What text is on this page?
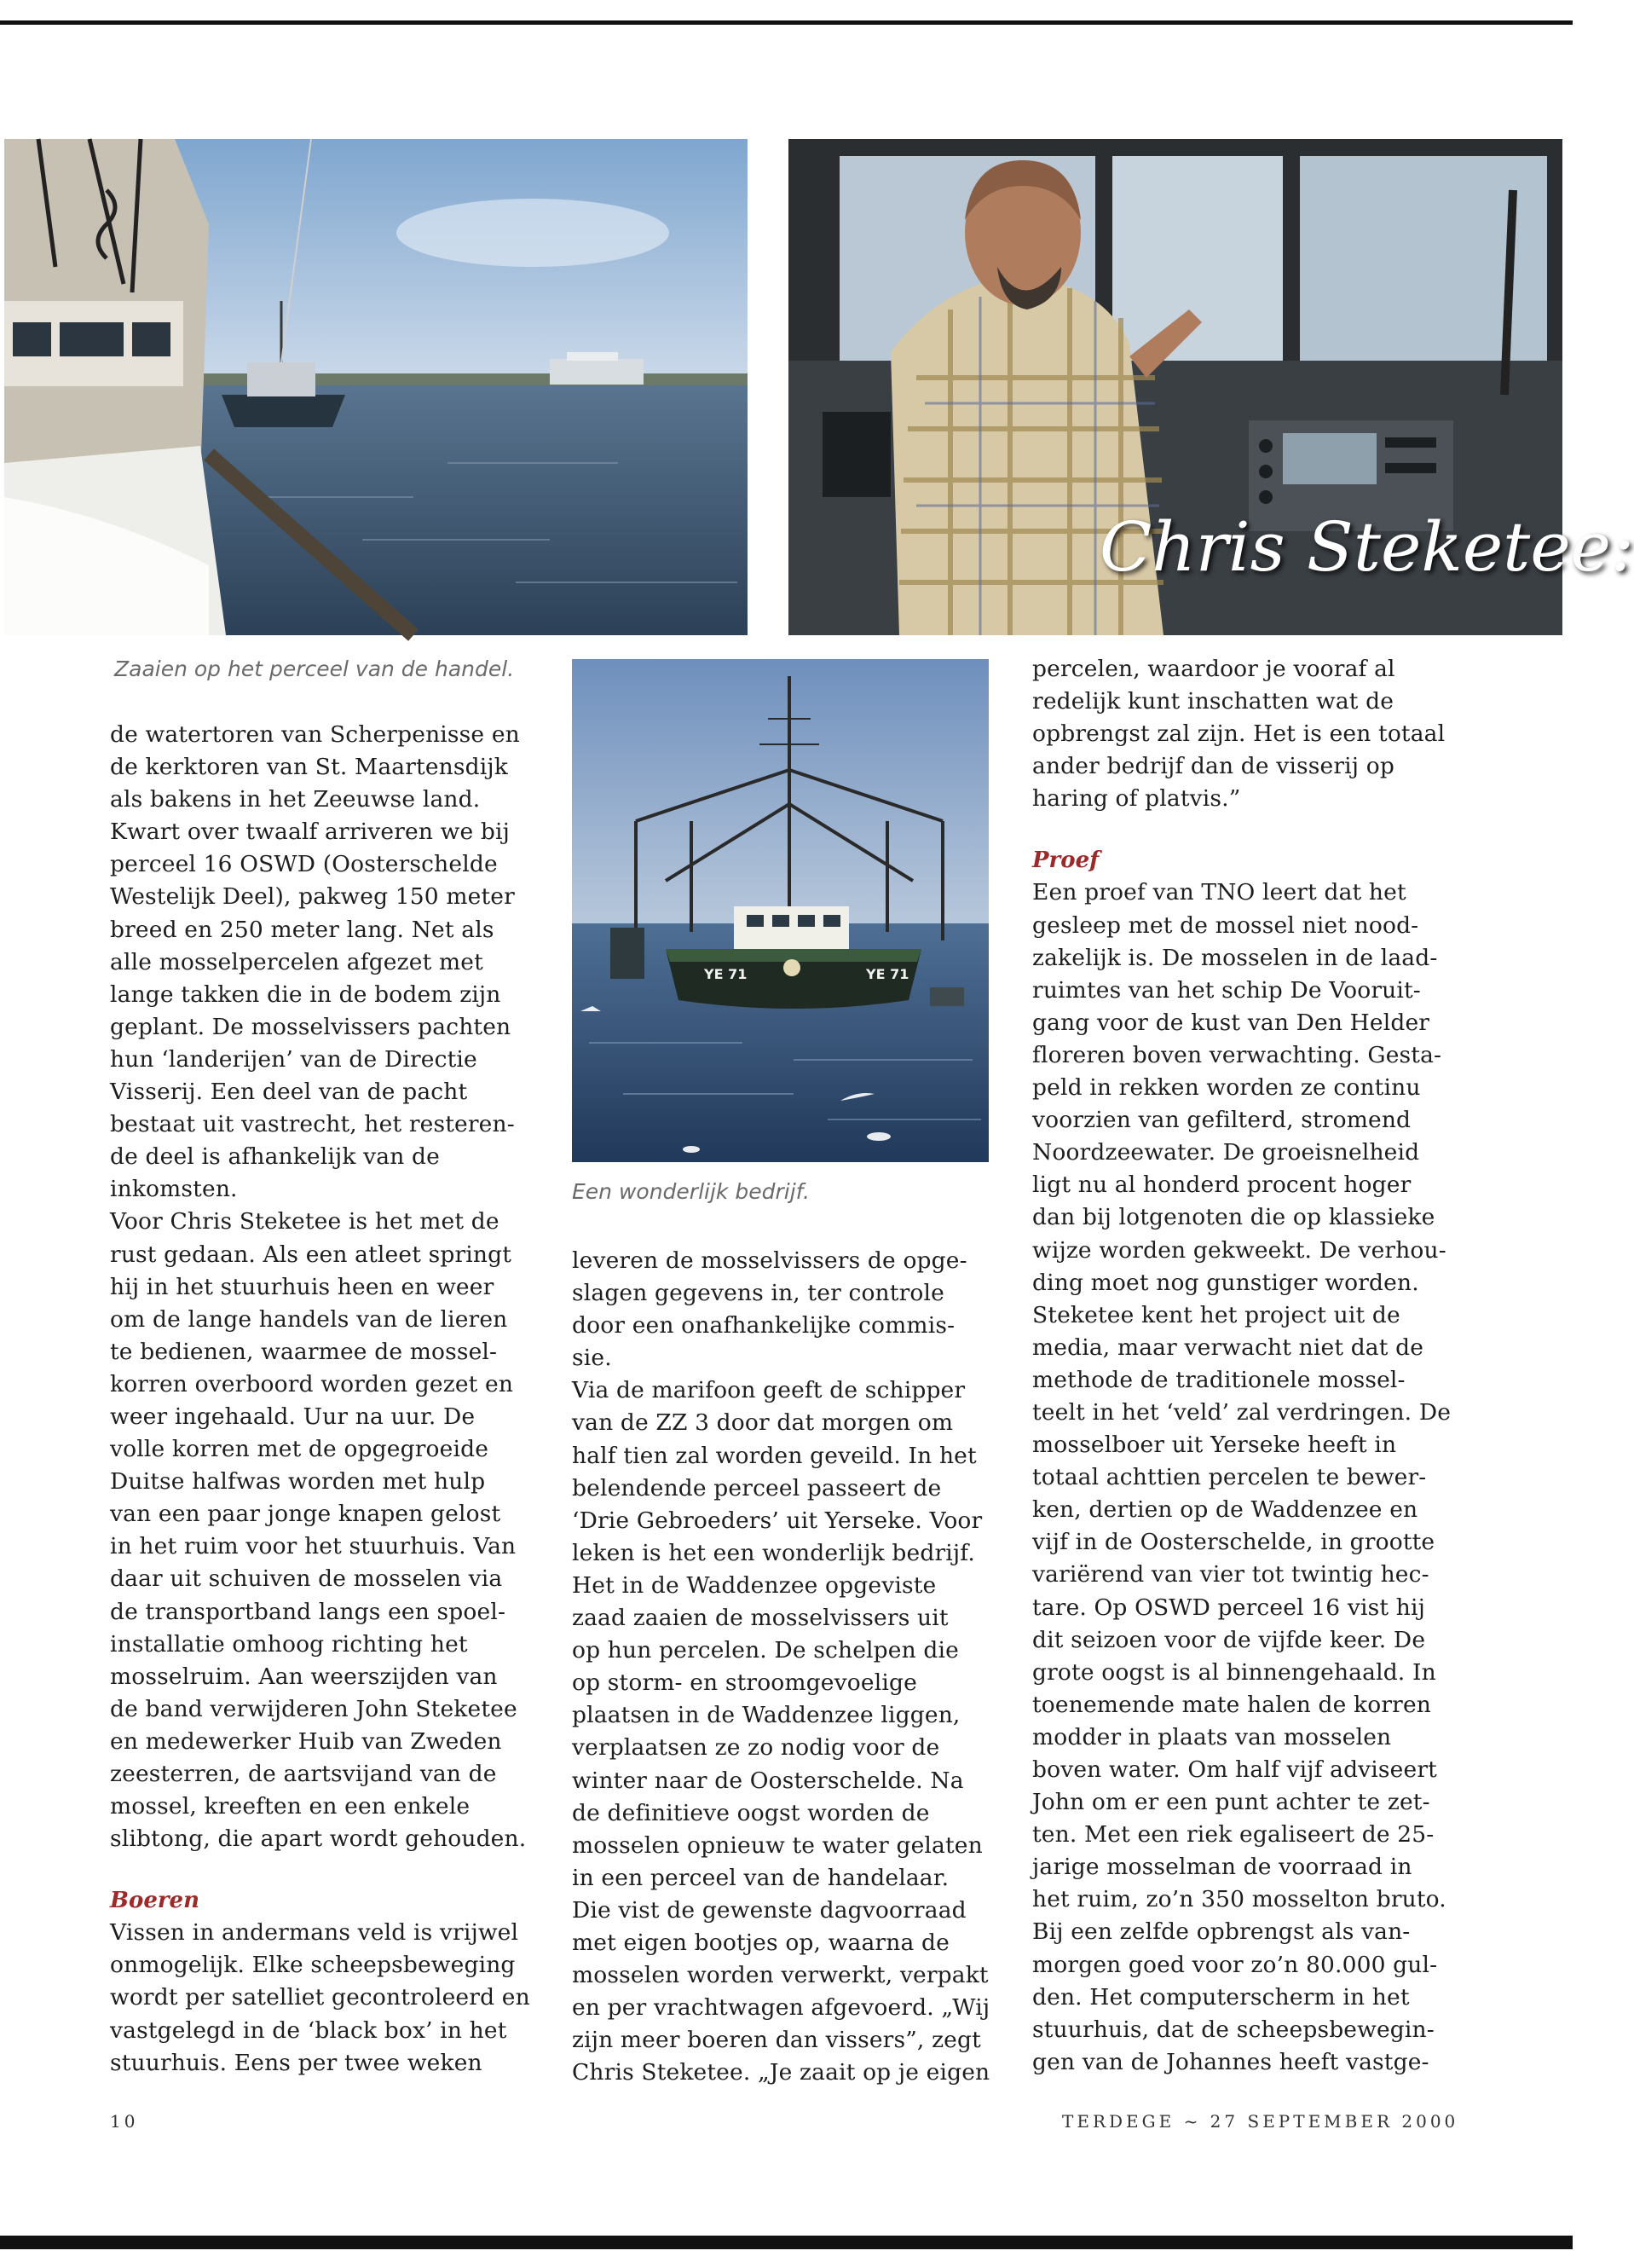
Chris Steketee:

Zaaien op het perceel van de handel.

YE 71	YE 71

Een wonderlijk bedrijf.

de watertoren van Scherpenisse en
de kerktoren van St. Maartensdijk
als bakens in het Zeeuwse land.
Kwart over twaalf arriveren we bij
perceel 16 OSWD (Oosterschelde
Westelijk Deel), pakweg 150 meter
breed en 250 meter lang. Net als
alle mosselpercelen afgezet met
lange takken die in de bodem zijn
geplant. De mosselvissers pachten
hun ‘landerijen’ van de Directie
Visserij. Een deel van de pacht
bestaat uit vastrecht, het resteren-
de deel is afhankelijk van de
inkomsten.

Voor Chris Steketee is het met de
rust gedaan. Als een atleet springt
hij in het stuurhuis heen en weer
om de lange handels van de lieren
te bedienen, waarmee de mossel-
korren overboord worden gezet en
weer ingehaald. Uur na uur. De
volle korren met de opgegroeide
Duitse halfwas worden met hulp
van een paar jonge knapen gelost
in het ruim voor het stuurhuis. Van
daar uit schuiven de mosselen via
de transportband langs een spoel-
installatie omhoog richting het
mosselruim. Aan weerszijden van
de band verwijderen John Steketee
en medewerker Huib van Zweden
zeesterren, de aartsvijand van de
mossel, kreeften en een enkele
slibtong, die apart wordt gehouden.

Boeren

Vissen in andermans veld is vrijwel
onmogelijk. Elke scheepsbeweging
wordt per satelliet gecontroleerd en
vastgelegd in de ‘black box’ in het
stuurhuis. Eens per twee weken

leveren de mosselvissers de opge-
slagen gegevens in, ter controle
door een onafhankelijke commis-
sie.

Via de marifoon geeft de schipper
van de ZZ 3 door dat morgen om
half tien zal worden geveild. In het
belendende perceel passeert de
‘Drie Gebroeders’ uit Yerseke. Voor
leken is het een wonderlijk bedrijf.
Het in de Waddenzee opgeviste
zaad zaaien de mosselvissers uit
op hun percelen. De schelpen die
op storm- en stroomgevoelige
plaatsen in de Waddenzee liggen,
verplaatsen ze zo nodig voor de
winter naar de Oosterschelde. Na
de definitieve oogst worden de
mosselen opnieuw te water gelaten
in een perceel van de handelaar.
Die vist de gewenste dagvoorraad
met eigen bootjes op, waarna de
mosselen worden verwerkt, verpakt
en per vrachtwagen afgevoerd. „Wij
zijn meer boeren dan vissers”, zegt
Chris Steketee. „Je zaait op je eigen

percelen, waardoor je vooraf al
redelijk kunt inschatten wat de
opbrengst zal zijn. Het is een totaal
ander bedrijf dan de visserij op
haring of platvis.”

Proef

Een proef van TNO leert dat het
gesleep met de mossel niet nood-
zakelijk is. De mosselen in de laad-
ruimtes van het schip De Vooruit-
gang voor de kust van Den Helder
floreren boven verwachting. Gesta-
peld in rekken worden ze continu
voorzien van gefilterd, stromend
Noordzeewater. De groeisnelheid
ligt nu al honderd procent hoger
dan bij lotgenoten die op klassieke
wijze worden gekweekt. De verhou-
ding moet nog gunstiger worden.
Steketee kent het project uit de
media, maar verwacht niet dat de
methode de traditionele mossel-
teelt in het ‘veld’ zal verdringen. De
mosselboer uit Yerseke heeft in
totaal achttien percelen te bewer-
ken, dertien op de Waddenzee en
vijf in de Oosterschelde, in grootte
variërend van vier tot twintig hec-
tare. Op OSWD perceel 16 vist hij
dit seizoen voor de vijfde keer. De
grote oogst is al binnengehaald. In
toenemende mate halen de korren
modder in plaats van mosselen
boven water. Om half vijf adviseert
John om er een punt achter te zet-
ten. Met een riek egaliseert de 25-
jarige mosselman de voorraad in
het ruim, zo’n 350 mosselton bruto.
Bij een zelfde opbrengst als van-
morgen goed voor zo’n 80.000 gul-
den. Het computerscherm in het
stuurhuis, dat de scheepsbewegin-
gen van de Johannes heeft vastge-

10	TERDEGE ~ 27 SEPTEMBER 2000
